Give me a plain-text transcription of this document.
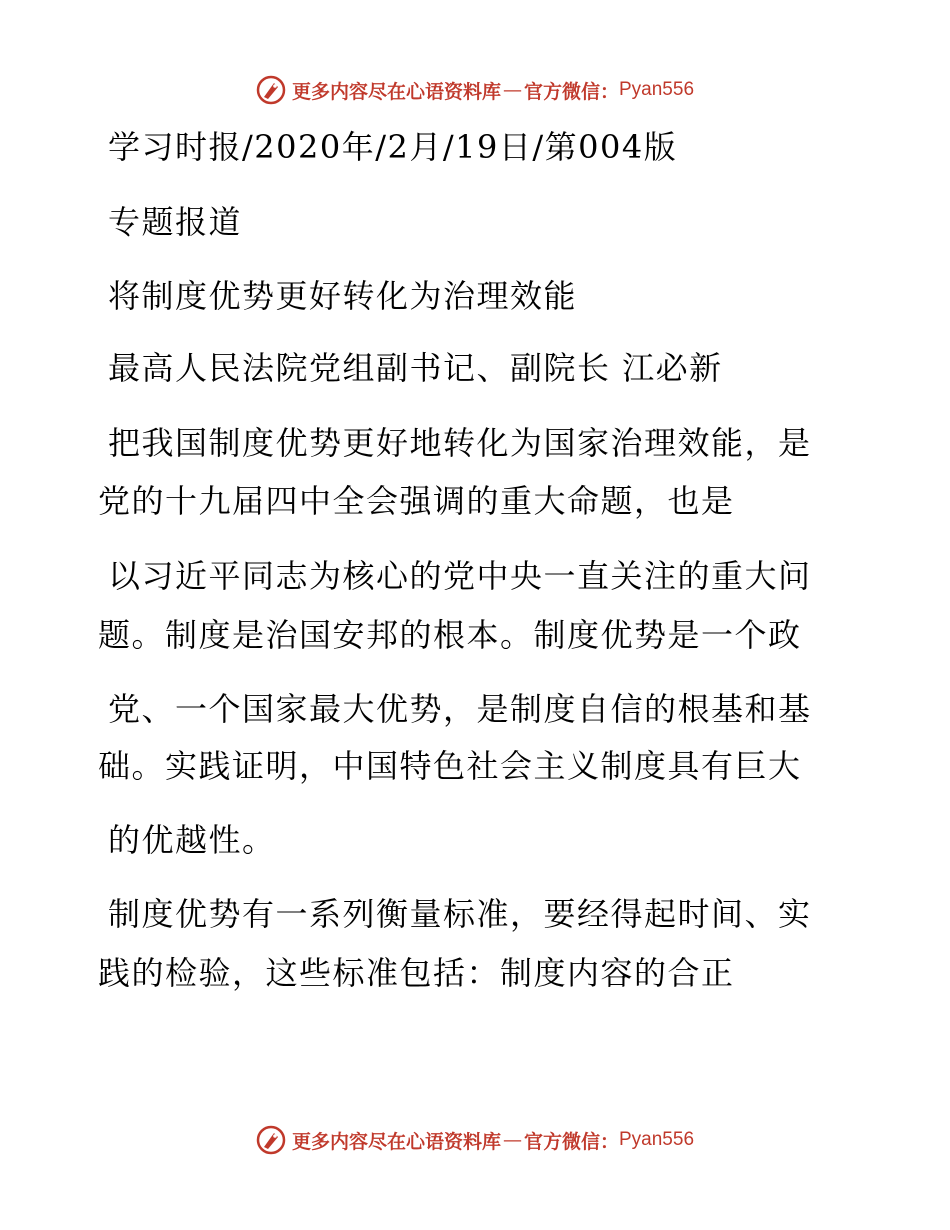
更多内容尽在心语资料库 — 官方微信： Pyan556
学习时报/2020年/2月/19日/第004版
专题报道
将制度优势更好转化为治理效能
最高人民法院党组副书记、副院长 江必新
把我国制度优势更好地转化为国家治理效能，是
党的十九届四中全会强调的重大命题，也是
以习近平同志为核心的党中央一直关注的重大问
题。制度是治国安邦的根本。制度优势是一个政
党、一个国家最大优势，是制度自信的根基和基
础。实践证明，中国特色社会主义制度具有巨大
的优越性。
制度优势有一系列衡量标准，要经得起时间、实
践的检验，这些标准包括：制度内容的合正
更多内容尽在心语资料库 — 官方微信： Pyan556
